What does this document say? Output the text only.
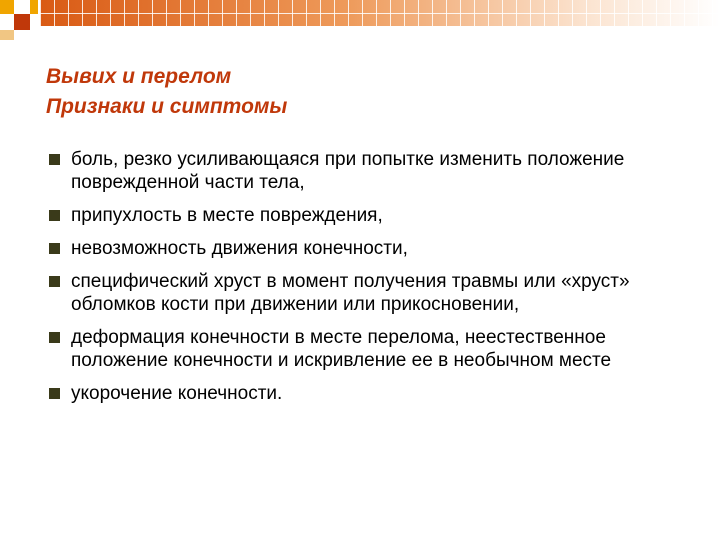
Вывих и перелом
Признаки и симптомы
боль, резко усиливающаяся при попытке изменить положение поврежденной части тела,
припухлость в месте повреждения,
невозможность движения конечности,
специфический хруст в момент получения травмы или «хруст» обломков кости при движении или прикосновении,
деформация конечности в месте перелома, неестественное положение конечности и искривление ее в необычном месте
укорочение конечности.
